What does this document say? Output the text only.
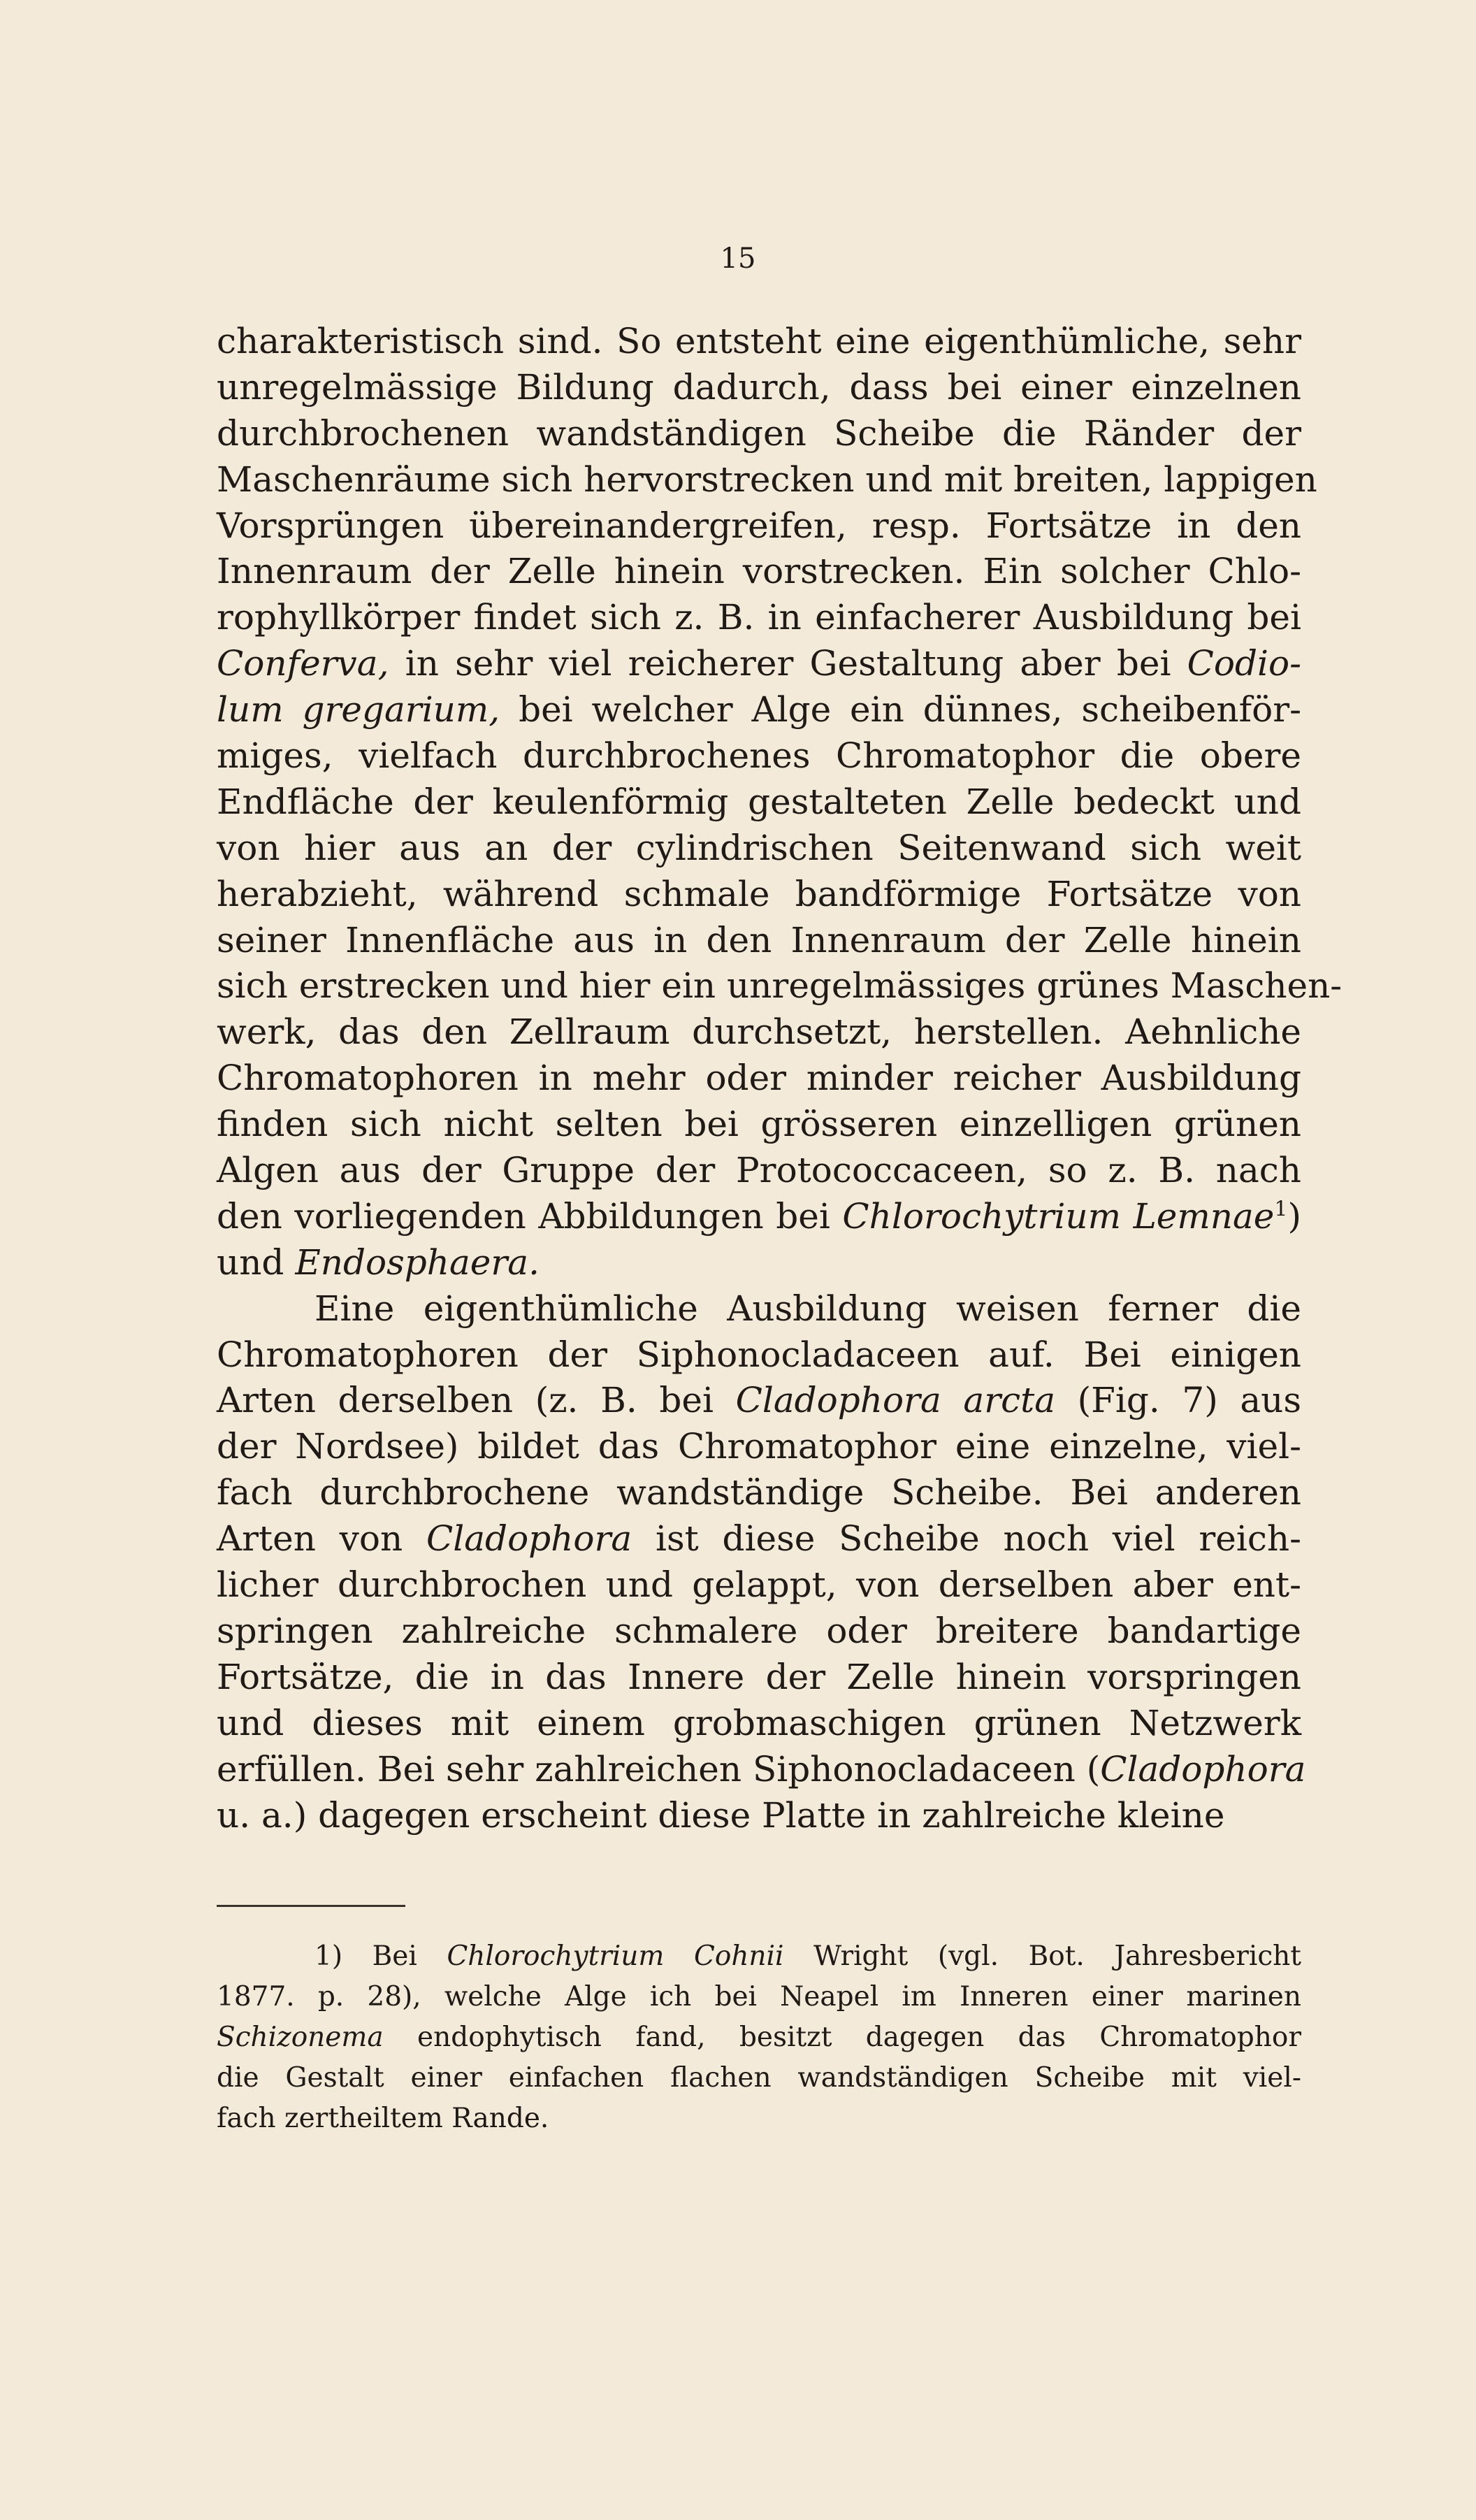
15
charakteristisch sind. So entsteht eine eigenthümliche, sehr
unregelmässige Bildung dadurch, dass bei einer einzelnen
durchbrochenen wandständigen Scheibe die Ränder der
Maschenräume sich hervorstrecken und mit breiten, lappigen
Vorsprüngen übereinandergreifen, resp. Fortsätze in den
Innenraum der Zelle hinein vorstrecken. Ein solcher Chlo-
rophyllkörper findet sich z. B. in einfacherer Ausbildung bei
Conferva, in sehr viel reicherer Gestaltung aber bei Codio-
lum gregarium, bei welcher Alge ein dünnes, scheibenför-
miges, vielfach durchbrochenes Chromatophor die obere
Endfläche der keulenförmig gestalteten Zelle bedeckt und
von hier aus an der cylindrischen Seitenwand sich weit
herabzieht, während schmale bandförmige Fortsätze von
seiner Innenfläche aus in den Innenraum der Zelle hinein
sich erstrecken und hier ein unregelmässiges grünes Maschen-
werk, das den Zellraum durchsetzt, herstellen. Aehnliche
Chromatophoren in mehr oder minder reicher Ausbildung
finden sich nicht selten bei grösseren einzelligen grünen
Algen aus der Gruppe der Protococcaceen, so z. B. nach
den vorliegenden Abbildungen bei Chlorochytrium Lemnae$^1$)
und Endosphaera.
Eine eigenthümliche Ausbildung weisen ferner die
Chromatophoren der Siphonocladaceen auf. Bei einigen
Arten derselben (z. B. bei Cladophora arcta (Fig. 7) aus
der Nordsee) bildet das Chromatophor eine einzelne, viel-
fach durchbrochene wandständige Scheibe. Bei anderen
Arten von Cladophora ist diese Scheibe noch viel reich-
licher durchbrochen und gelappt, von derselben aber ent-
springen zahlreiche schmalere oder breitere bandartige
Fortsätze, die in das Innere der Zelle hinein vorspringen
und dieses mit einem grobmaschigen grünen Netzwerk
erfüllen. Bei sehr zahlreichen Siphonocladaceen (Cladophora
u. a.) dagegen erscheint diese Platte in zahlreiche kleine
1) Bei Chlorochytrium Cohnii Wright (vgl. Bot. Jahresbericht
1877. p. 28), welche Alge ich bei Neapel im Inneren einer marinen
Schizonema endophytisch fand, besitzt dagegen das Chromatophor
die Gestalt einer einfachen flachen wandständigen Scheibe mit viel-
fach zertheiltem Rande.
